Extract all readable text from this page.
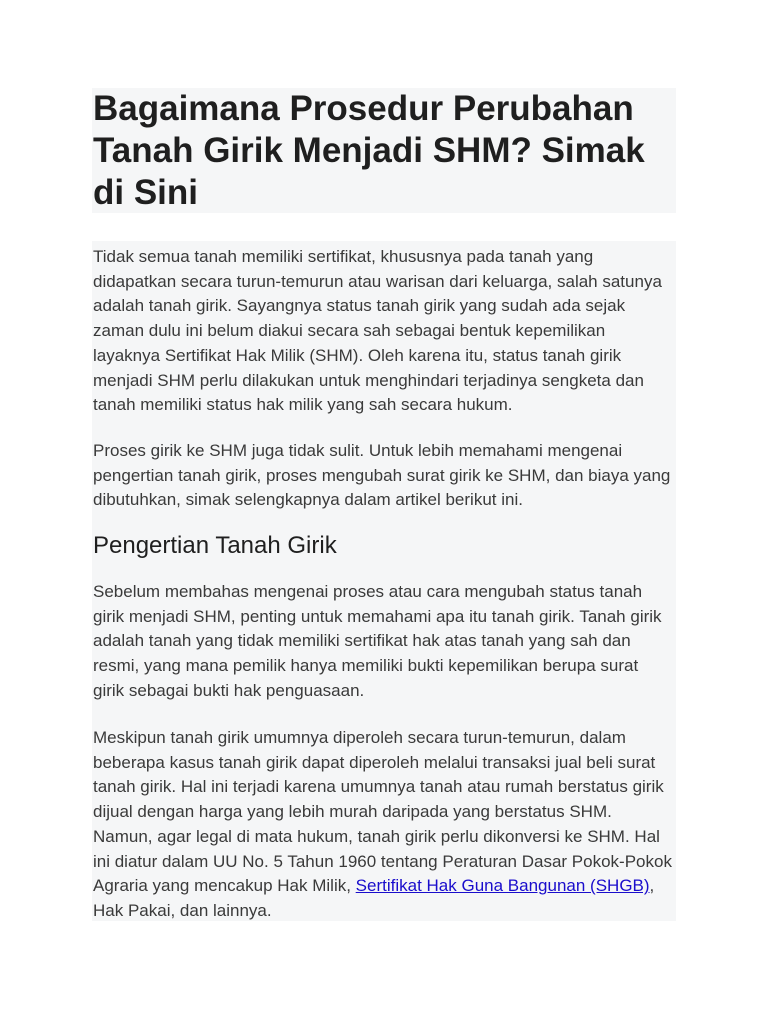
Bagaimana Prosedur Perubahan Tanah Girik Menjadi SHM? Simak di Sini

Tidak semua tanah memiliki sertifikat, khususnya pada tanah yang didapatkan secara turun-temurun atau warisan dari keluarga, salah satunya adalah tanah girik. Sayangnya status tanah girik yang sudah ada sejak zaman dulu ini belum diakui secara sah sebagai bentuk kepemilikan layaknya Sertifikat Hak Milik (SHM). Oleh karena itu, status tanah girik menjadi SHM perlu dilakukan untuk menghindari terjadinya sengketa dan tanah memiliki status hak milik yang sah secara hukum.

Proses girik ke SHM juga tidak sulit. Untuk lebih memahami mengenai pengertian tanah girik, proses mengubah surat girik ke SHM, dan biaya yang dibutuhkan, simak selengkapnya dalam artikel berikut ini.

Pengertian Tanah Girik

Sebelum membahas mengenai proses atau cara mengubah status tanah girik menjadi SHM, penting untuk memahami apa itu tanah girik. Tanah girik adalah tanah yang tidak memiliki sertifikat hak atas tanah yang sah dan resmi, yang mana pemilik hanya memiliki bukti kepemilikan berupa surat girik sebagai bukti hak penguasaan.

Meskipun tanah girik umumnya diperoleh secara turun-temurun, dalam beberapa kasus tanah girik dapat diperoleh melalui transaksi jual beli surat tanah girik. Hal ini terjadi karena umumnya tanah atau rumah berstatus girik dijual dengan harga yang lebih murah daripada yang berstatus SHM. Namun, agar legal di mata hukum, tanah girik perlu dikonversi ke SHM. Hal ini diatur dalam UU No. 5 Tahun 1960 tentang Peraturan Dasar Pokok-Pokok Agraria yang mencakup Hak Milik, Sertifikat Hak Guna Bangunan (SHGB), Hak Pakai, dan lainnya.
